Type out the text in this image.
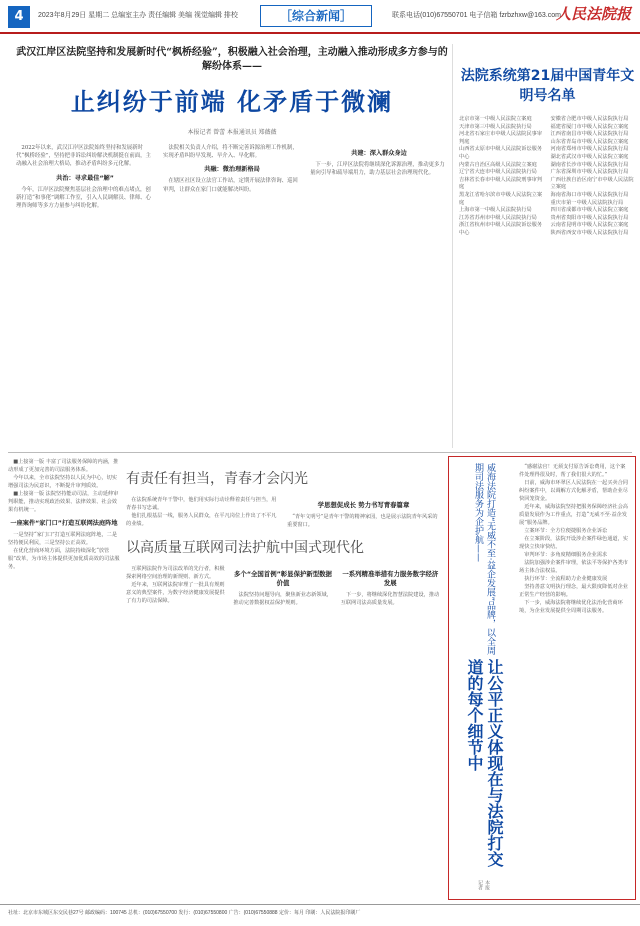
4	2023年8月29日 星期二 总编室主办 责任编辑 美编 视觉编辑 排校	［综合新闻］	联系电话(010)67550701 电子信箱 fzrbzhxw@163.com
人民法院报
武汉江岸区法院坚持和发展新时代“枫桥经验”，积极融入社会治理，主动融入推动形成多方参与的解纷体系——
止纠纷于前端 化矛盾于微澜
本报记者 曾蕾 本报通讯员 郑薇薇

2022年以来，武汉江岸区法院始终坚持和发展新时代“枫桥经验”，坚持把非诉讼纠纷解决机制挺在前面，主动融入社会治理大格局，推动矛盾纠纷多元化解。

共治：寻求最佳“解”

今年，江岸区法院聚焦基层社会治理中的难点堵点，创新打造“和事佬”调解工作室，引入人民调解员、律师、心理咨询师等多方力量参与纠纷化解。

法院相关负责人介绍，将不断完善诉源治理工作机制，实现矛盾纠纷早发现、早介入、早化解。

共融：微治理新格局

在辖区社区设立法官工作站，定期开展法律咨询、巡回审判，让群众在家门口就能解决纠纷。

共建：深入群众身边

下一步，江岸区法院将继续深化诉源治理，推动更多力量向引导和疏导端用力，助力基层社会治理现代化。

法院系统第21届中国青年文明号名单
北京市第一中级人民法院立案庭
天津市第三中级人民法院执行局
河北省石家庄市中级人民法院民事审判庭
山西省太原市中级人民法院诉讼服务中心
内蒙古自治区高级人民法院立案庭
辽宁省大连市中级人民法院执行局
吉林省长春市中级人民法院刑事审判庭
黑龙江省哈尔滨市中级人民法院立案庭
上海市第一中级人民法院执行局
江苏省苏州市中级人民法院执行局
浙江省杭州市中级人民法院诉讼服务中心
安徽省合肥市中级人民法院执行局
福建省厦门市中级人民法院立案庭
江西省南昌市中级人民法院执行局
山东省青岛市中级人民法院立案庭
河南省郑州市中级人民法院执行局
湖北省武汉市中级人民法院立案庭
湖南省长沙市中级人民法院执行局
广东省深圳市中级人民法院执行局
广西壮族自治区南宁市中级人民法院立案庭
海南省海口市中级人民法院执行局
重庆市第一中级人民法院执行局
四川省成都市中级人民法院立案庭
贵州省贵阳市中级人民法院执行局
云南省昆明市中级人民法院立案庭
陕西省西安市中级人民法院执行局

■上接第一版 丰富了司法服务保障的内涵，推动形成了更加完善的司法服务体系。

今年以来，全市法院坚持以人民为中心，切实增强司法为民意识，不断提升审判质效。

■上接第一版 法院坚持能动司法，主动延伸审判职能，推动实现政治效果、法律效果、社会效果有机统一。

一座案件“家门口”打造互联网法庭阵地

一是坚持“家门口”打造互联网法庭阵地，二是坚持便民利民，三是坚持公正高效。

在优化营商环境方面，法院持续深化“放管服”改革，为市场主体提供更加优质高效的司法服务。

有责任有担当，青春才会闪光

在法院系统青年干警中，他们用实际行动诠释着责任与担当，用青春书写忠诚。

他们扎根基层一线，服务人民群众，在平凡岗位上作出了不平凡的业绩。

学思想促成长 势力书写青春篇章

“青年文明号”是青年干警的精神家园，也是展示法院青年风采的重要窗口。

以高质量互联网司法护航中国式现代化

互联网法院作为司法改革的先行者，积极探索网络空间治理的新规则、新方式。

近年来，互联网法院审理了一批具有规则意义的典型案件，为数字经济健康发展提供了有力的司法保障。

多个“全国首例”彰显保护新型数据价值

法院坚持问题导向，聚焦新业态新领域，推动完善数据权益保护规则。

一系列精准举措有力服务数字经济发展

下一步，将继续深化智慧法院建设，推动互联网司法高质量发展。	威海法院打造“无威不至·益企发展”品牌，以全周期司法服务为企护航——
让公平正义体现在与法院打交道的每个细节中
本报记者

“感谢法官！无须支付原告诉讼费用，这个案件处理得很及时，帮了我们很大的忙。”

日前，威海市环翠区人民法院在一起买卖合同纠纷案件中，以调解方式化解矛盾，帮助企业尽快回笼资金。

近年来，威海法院坚持把服务保障经济社会高质量发展作为工作重点，打造“无威不至·益企发展”服务品牌。

立案环节：全方位便捷服务企业诉讼

在立案阶段，法院开设涉企案件绿色通道，实现快立快审快结。

审判环节：多角度精细服务企业需求

法院加强涉企案件审理，依法平等保护各类市场主体合法权益。

执行环节：全流程助力企业健康发展

坚持善意文明执行理念，最大限度降低对企业正常生产经营的影响。

下一步，威海法院将继续优化法治化营商环境，为企业发展提供全周期司法服务。

社址：北京市东城区东交民巷27号 邮政编码：100745 总机：(010)67550700 发行：(010)67550800 广告：(010)67550888 定价：每月 印刷：人民法院报印刷厂
